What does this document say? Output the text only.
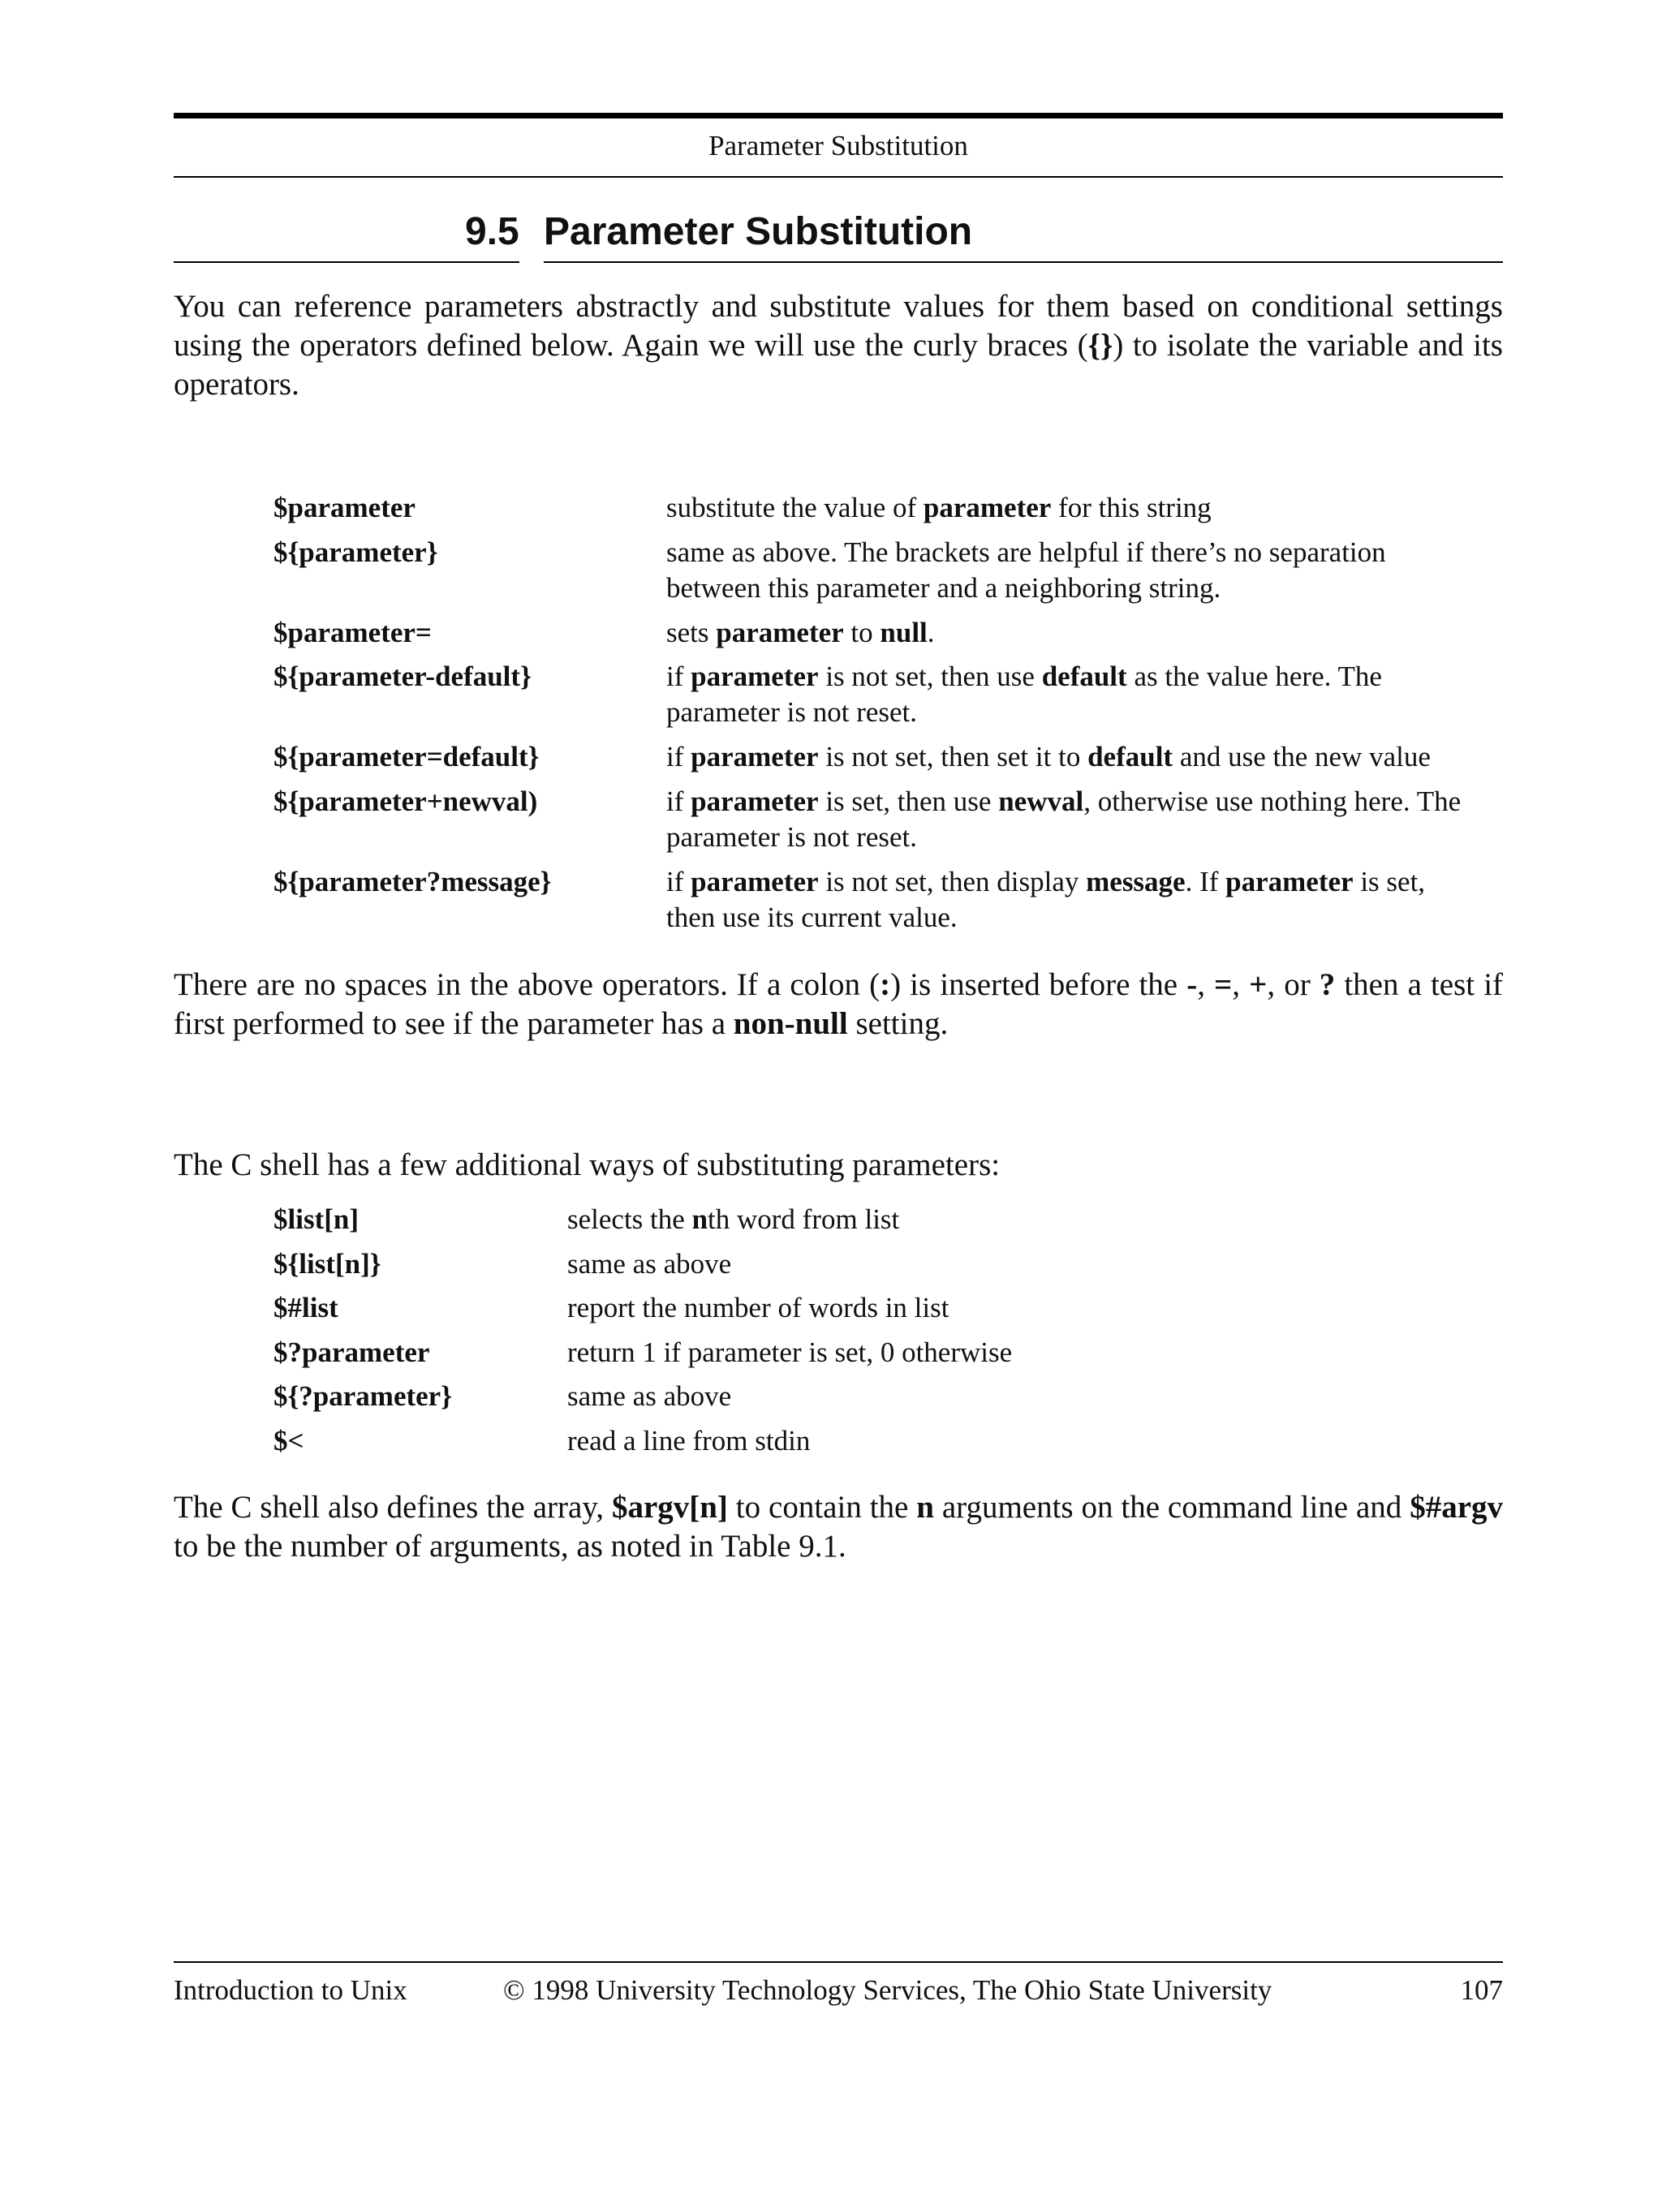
Parameter Substitution
9.5 Parameter Substitution

You can reference parameters abstractly and substitute values for them based on conditional settings using the operators defined below. Again we will use the curly braces ({}) to isolate the variable and its operators.

$parameter	substitute the value of parameter for this string
${parameter}	same as above. The brackets are helpful if there’s no separation between this parameter and a neighboring string.
$parameter=	sets parameter to null.
${parameter-default}	if parameter is not set, then use default as the value here. The parameter is not reset.
${parameter=default}	if parameter is not set, then set it to default and use the new value
${parameter+newval)	if parameter is set, then use newval, otherwise use nothing here. The parameter is not reset.
${parameter?message}	if parameter is not set, then display message. If parameter is set, then use its current value.

There are no spaces in the above operators. If a colon (:) is inserted before the -, =, +, or ? then a test if first performed to see if the parameter has a non-null setting.

The C shell has a few additional ways of substituting parameters:

$list[n]	selects the nth word from list
${list[n]}	same as above
$#list	report the number of words in list
$?parameter	return 1 if parameter is set, 0 otherwise
${?parameter}	same as above
$<	read a line from stdin

The C shell also defines the array, $argv[n] to contain the n arguments on the command line and $#argv to be the number of arguments, as noted in Table 9.1.

Introduction to Unix	© 1998 University Technology Services, The Ohio State University	107
